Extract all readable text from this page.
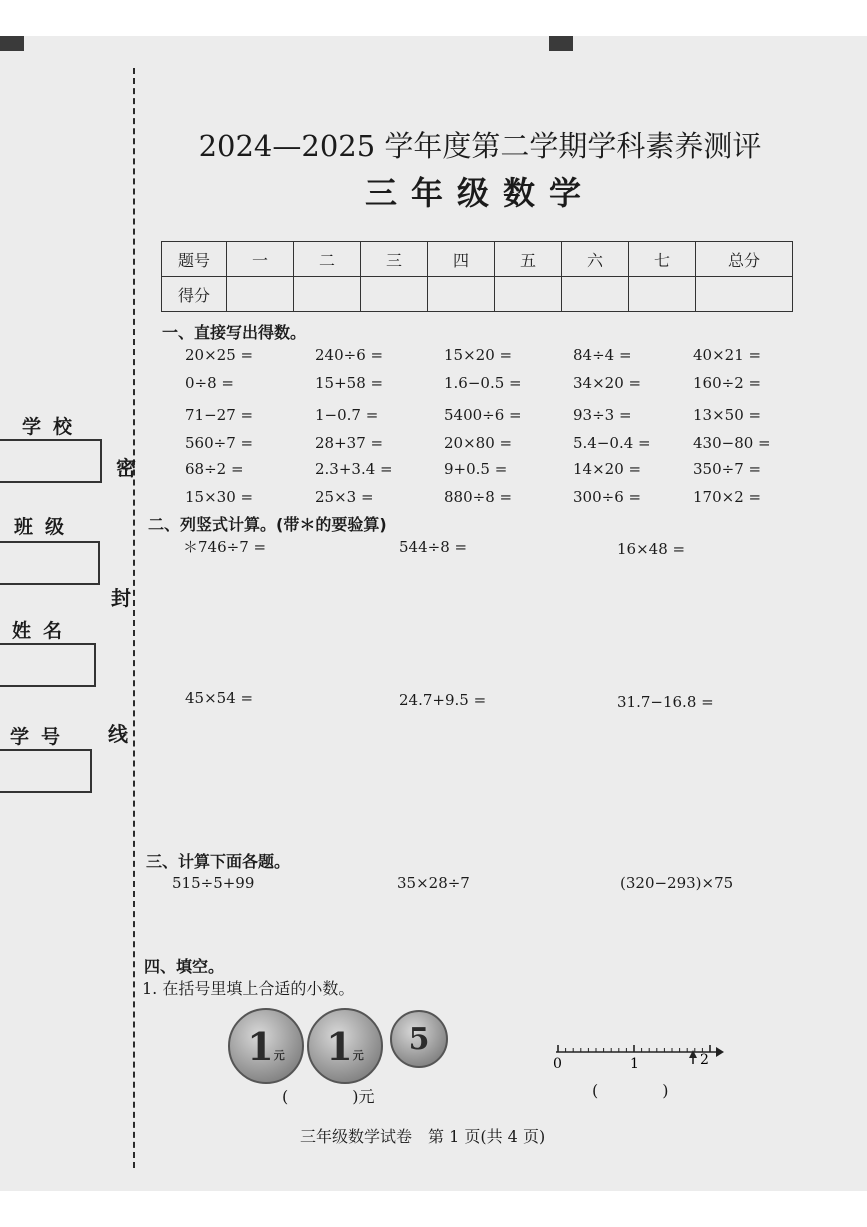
密
封
线
学校
班级
姓名
学号
2024—2025 学年度第二学期学科素养测评
三年级数学
题号	一	二	三	四	五	六	七	总分
得分								
一、直接写出得数。
20×25 =	240÷6 =	15×20 =	84÷4 =	40×21 =
0÷8 =	15+58 =	1.6−0.5 =	34×20 =	160÷2 =
71−27 =	1−0.7 =	5400÷6 =	93÷3 =	13×50 =
560÷7 =	28+37 =	20×80 =	5.4−0.4 =	430−80 =
68÷2 =	2.3+3.4 =	9+0.5 =	14×20 =	350÷7 =
15×30 =	25×3 =	880÷8 =	300÷6 =	170×2 =
二、列竖式计算。(带＊的要验算)
＊746÷7 =	544÷8 =	16×48 =
45×54 =	24.7+9.5 =	31.7−16.8 =
三、计算下面各题。
515÷5+99	35×28÷7	(320−293)×75
四、填空。
1. 在括号里填上合适的小数。
1 元 1 元 5
(　　　　)元
0	1	2
(　　　　)
三年级数学试卷　第 1 页(共 4 页)
